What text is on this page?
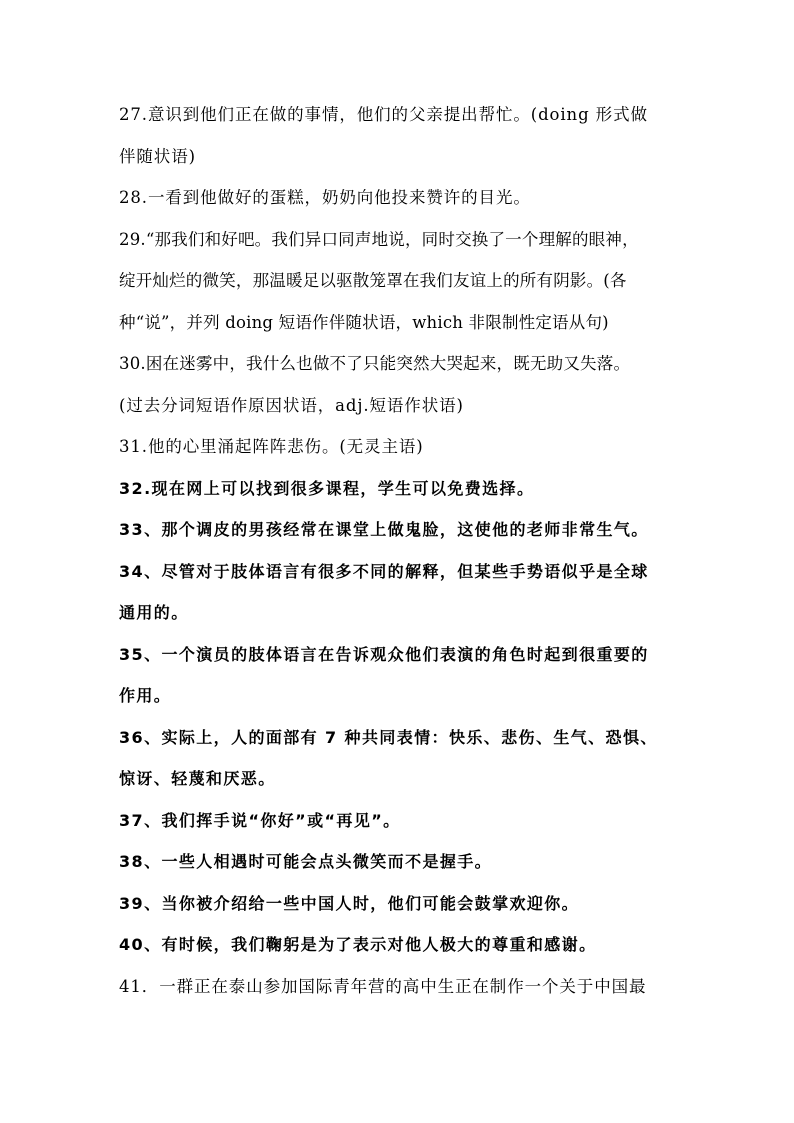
27.意识到他们正在做的事情，他们的父亲提出帮忙。(doing 形式做
伴随状语)
28.一看到他做好的蛋糕，奶奶向他投来赞许的目光。
29.“那我们和好吧。我们异口同声地说，同时交换了一个理解的眼神，
绽开灿烂的微笑，那温暖足以驱散笼罩在我们友谊上的所有阴影。(各
种“说”，并列 doing 短语作伴随状语，which 非限制性定语从句)
30.困在迷雾中，我什么也做不了只能突然大哭起来，既无助又失落。
(过去分词短语作原因状语，adj.短语作状语)
31.他的心里涌起阵阵悲伤。(无灵主语)
32.现在网上可以找到很多课程，学生可以免费选择。
33、那个调皮的男孩经常在课堂上做鬼脸，这使他的老师非常生气。
34、尽管对于肢体语言有很多不同的解释，但某些手势语似乎是全球
通用的。
35、一个演员的肢体语言在告诉观众他们表演的角色时起到很重要的
作用。
36、实际上，人的面部有 7 种共同表情：快乐、悲伤、生气、恐惧、
惊讶、轻蔑和厌恶。
37、我们挥手说“你好”或“再见”。
38、一些人相遇时可能会点头微笑而不是握手。
39、当你被介绍给一些中国人时，他们可能会鼓掌欢迎你。
40、有时候，我们鞠躬是为了表示对他人极大的尊重和感谢。
41．一群正在泰山参加国际青年营的高中生正在制作一个关于中国最
